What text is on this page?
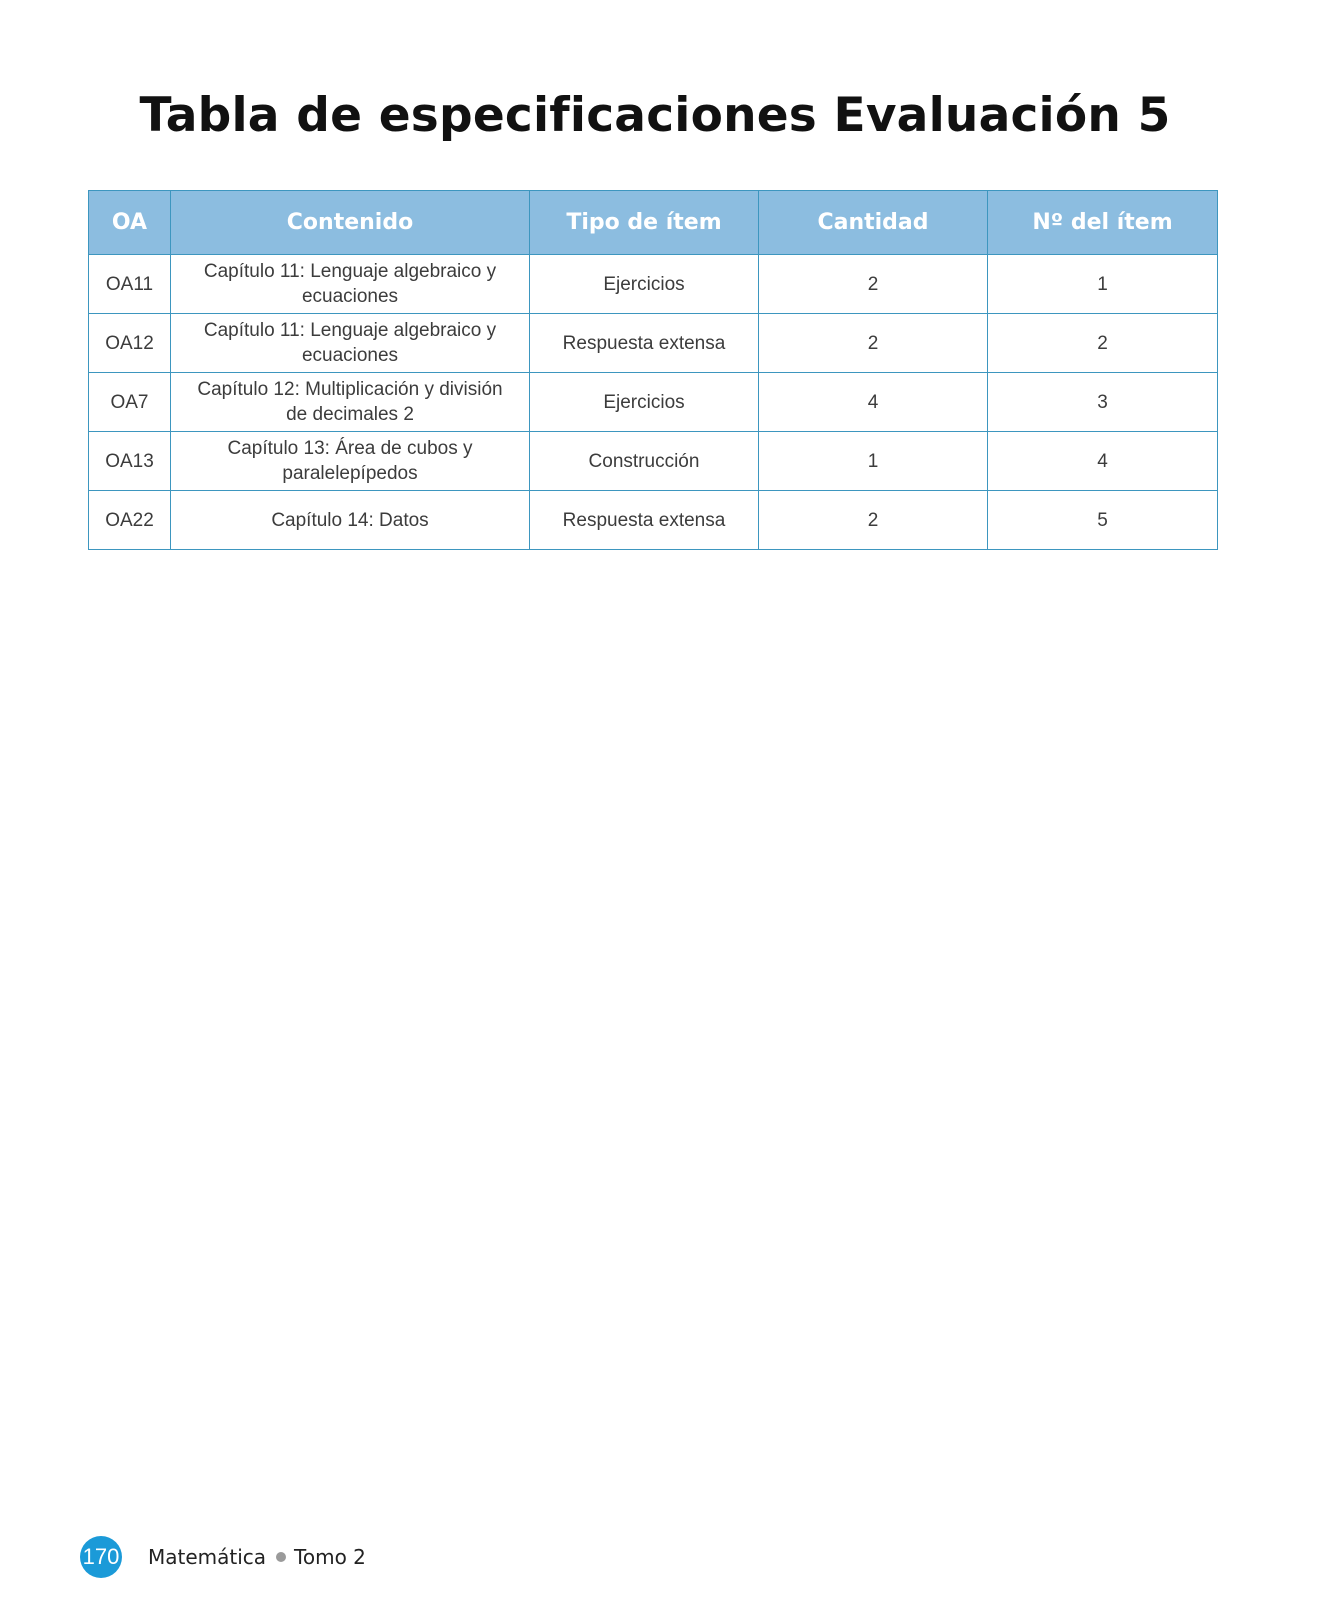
Tabla de especificaciones Evaluación 5
OA	Contenido	Tipo de ítem	Cantidad	Nº del ítem
OA11	Capítulo 11: Lenguaje algebraico y ecuaciones	Ejercicios	2	1
OA12	Capítulo 11: Lenguaje algebraico y ecuaciones	Respuesta extensa	2	2
OA7	Capítulo 12: Multiplicación y división de decimales 2	Ejercicios	4	3
OA13	Capítulo 13: Área de cubos y paralelepípedos	Construcción	1	4
OA22	Capítulo 14: Datos	Respuesta extensa	2	5
170 Matemática Tomo 2
